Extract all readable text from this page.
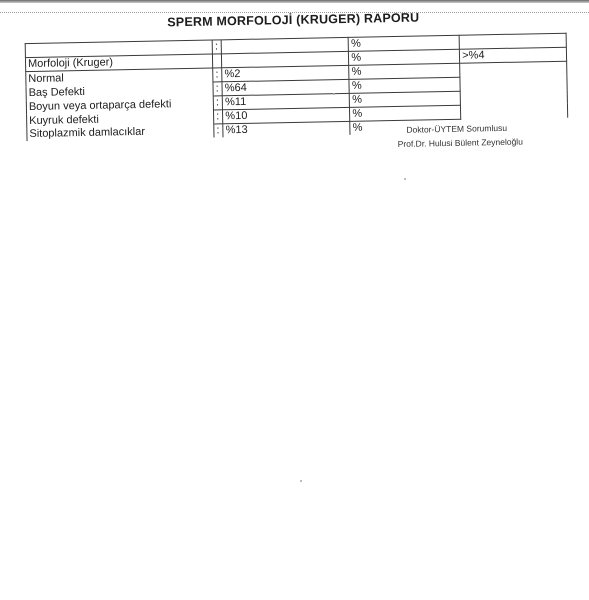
SPERM MORFOLOJİ (KRUGER) RAPORU
	:		%	
Morfoloji (Kruger)			%	>%4
Normal	:	%2	%	
Baş Defekti	:	%64	%	
Boyun veya ortaparça defekti	:	%11	%	
Kuyruk defekti	:	%10	%	
Sitoplazmik damlacıklar	:	%13	%		Doktor-ÜYTEM Sorumlusu
Prof.Dr. Hulusi Bülent Zeyneloğlu
